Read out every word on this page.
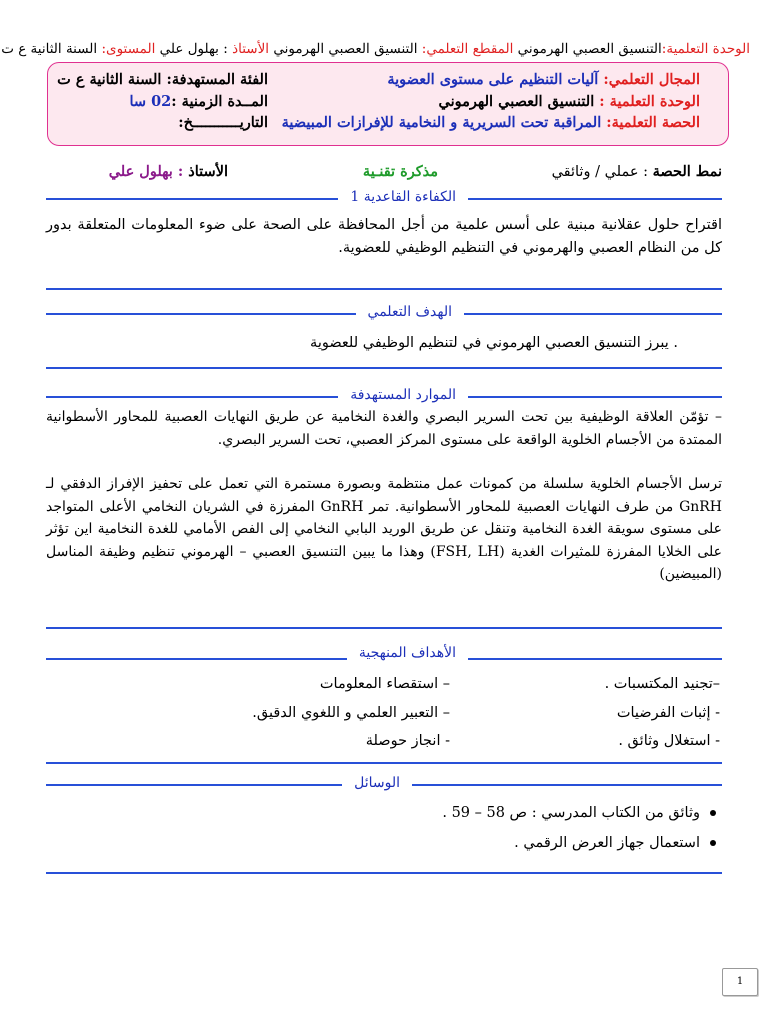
الوحدة التعلمية:التنسيق العصبي الهرموني المقطع التعلمي: التنسيق العصبي الهرموني الأستاذ : بهلول علي المستوى: السنة الثانية ع ت
المجال التعلمي: آليات التنظيم على مستوى العضوية
الوحدة التعلمية : التنسيق العصبي الهرموني
الحصة التعلمية: المراقبة تحت السريرية و النخامية للإفرازات المبيضية
الفئة المستهدفة: السنة الثانية ع ت
المــدة الزمنية :02 سا
التاريـــــــــــخ:
نمط الحصة : عملي / وثائقي
مذكرة تقنـية
الأستاذ : بهلول علي
الكفاءة القاعدية 1
اقتراح حلول عقلانية مبنية على أسس علمية من أجل المحافظة على الصحة على ضوء المعلومات المتعلقة بدور كل من النظام العصبي والهرموني في التنظيم الوظيفي للعضوية.
الهدف التعلمي
. يبرز التنسيق العصبي الهرموني في لتنظيم الوظيفي للعضوية
الموارد المستهدفة
– تؤمّن العلاقة الوظيفية بين تحت السرير البصري والغدة النخامية عن طريق النهايات العصبية للمحاور الأسطوانية الممتدة من الأجسام الخلوية الواقعة على مستوى المركز العصبي، تحت السرير البصري.
ترسل الأجسام الخلوية سلسلة من كمونات عمل منتظمة وبصورة مستمرة التي تعمل على تحفيز الإفراز الدفقي لـ GnRH من طرف النهايات العصبية للمحاور الأسطوانية. تمر GnRH المفرزة في الشريان النخامي الأعلى المتواجد على مستوى سويقة الغدة النخامية وتنقل عن طريق الوريد البابي النخامي إلى الفص الأمامي للغدة النخامية اين تؤثر على الخلايا المفرزة للمثيرات الغدية (FSH, LH) وهذا ما يبين التنسيق العصبي – الهرموني تنظيم وظيفة المناسل (المبيضين)
الأهداف المنهجية
–تجنيد المكتسبات .
- إثبات الفرضيات
- استغلال وثائق .
– استقصاء المعلومات
– التعبير العلمي و اللغوي الدقيق.
- انجاز حوصلة
الوسائل
وثائق من الكتاب المدرسي : ص 58 – 59 .
استعمال جهاز العرض الرقمي .
1
